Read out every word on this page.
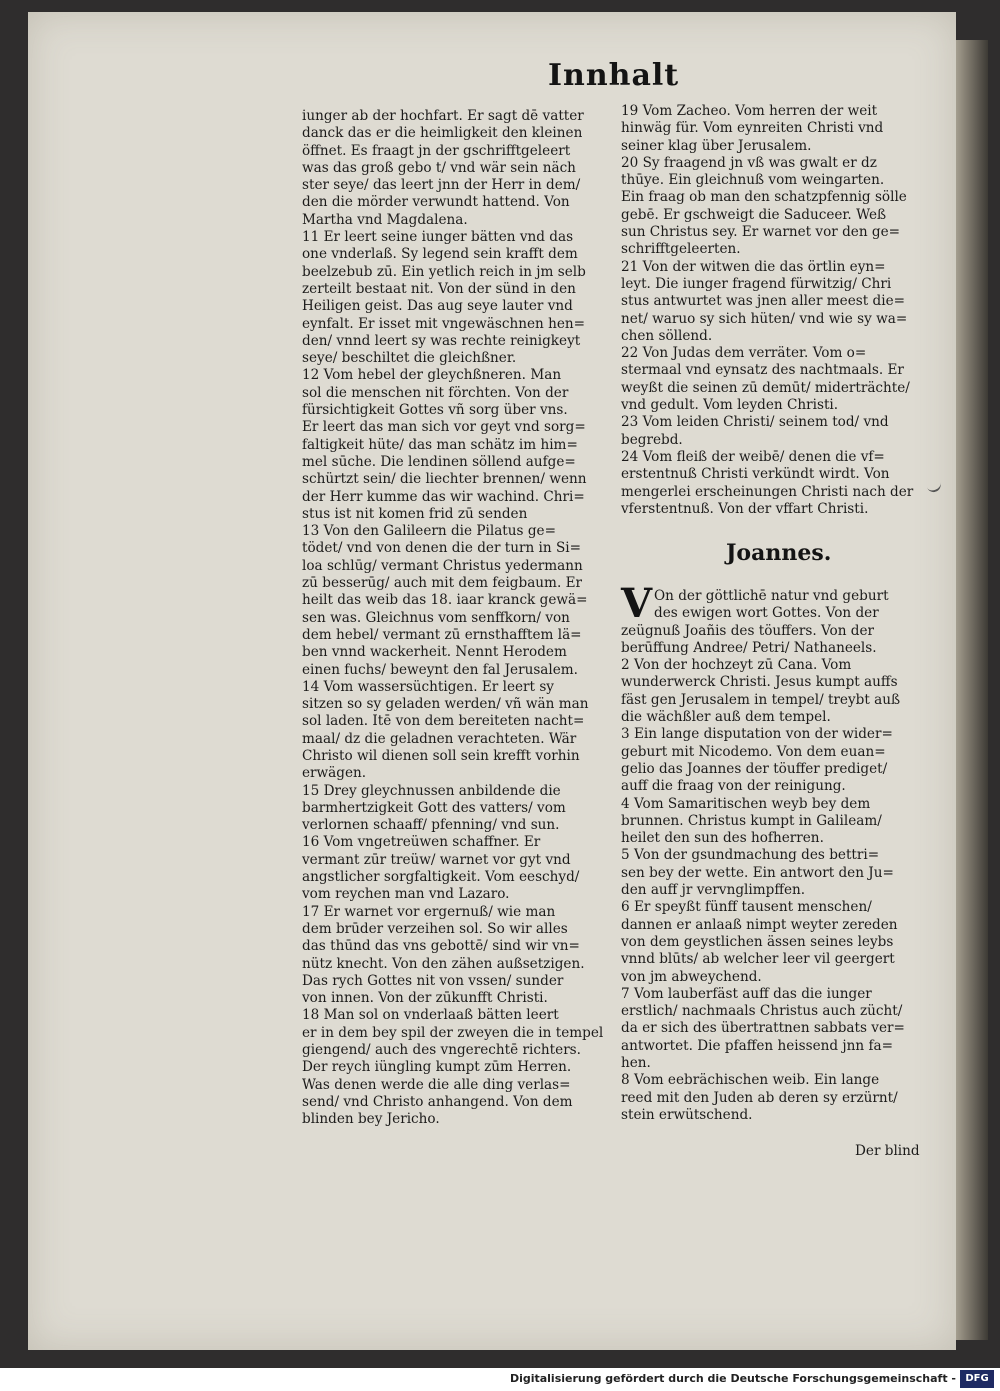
Innhalt
iunger ab der hochfart. Er sagt dē vatter
danck das er die heimligkeit den kleinen
öffnet. Es fraagt jn der gschrifftgeleert
was das groß gebo t/ vnd wär sein näch
ster seye/ das leert jnn der Herr in dem/
den die mörder verwundt hattend. Von
Martha vnd Magdalena.
11 Er leert seine iunger bätten vnd das
one vnderlaß. Sy legend sein krafft dem
beelzebub zū. Ein yetlich reich in jm selb
zerteilt bestaat nit. Von der sünd in den
Heiligen geist. Das aug seye lauter vnd
eynfalt. Er isset mit vngewäschnen hen=
den/ vnnd leert sy was rechte reinigkeyt
seye/ beschiltet die gleichßner.
12 Vom hebel der gleychßneren. Man
sol die menschen nit förchten. Von der
fürsichtigkeit Gottes vñ sorg über vns.
Er leert das man sich vor geyt vnd sorg=
faltigkeit hüte/ das man schätz im him=
mel sūche. Die lendinen söllend aufge=
schürtzt sein/ die liechter brennen/ wenn
der Herr kumme das wir wachind. Chri=
stus ist nit komen frid zū senden
13 Von den Galileern die Pilatus ge=
tödet/ vnd von denen die der turn in Si=
loa schlūg/ vermant Christus yedermann
zū besserūg/ auch mit dem feigbaum. Er
heilt das weib das 18. iaar kranck gewä=
sen was. Gleichnus vom senffkorn/ von
dem hebel/ vermant zū ernsthafftem lä=
ben vnnd wackerheit. Nennt Herodem
einen fuchs/ beweynt den fal Jerusalem.
14 Vom wassersüchtigen. Er leert sy
sitzen so sy geladen werden/ vñ wän man
sol laden. Itē von dem bereiteten nacht=
maal/ dz die geladnen verachteten. Wär
Christo wil dienen soll sein krefft vorhin
erwägen.
15 Drey gleychnussen anbildende die
barmhertzigkeit Gott des vatters/ vom
verlornen schaaff/ pfenning/ vnd sun.
16 Vom vngetreüwen schaffner. Er
vermant zūr treüw/ warnet vor gyt vnd
angstlicher sorgfaltigkeit. Vom eeschyd/
vom reychen man vnd Lazaro.
17 Er warnet vor ergernuß/ wie man
dem brūder verzeihen sol. So wir alles
das thūnd das vns gebottē/ sind wir vn=
nütz knecht. Von den zähen außsetzigen.
Das rych Gottes nit von vssen/ sunder
von innen. Von der zūkunfft Christi.
18 Man sol on vnderlaaß bätten leert
er in dem bey spil der zweyen die in tempel
giengend/ auch des vngerechtē richters.
Der reych iüngling kumpt zūm Herren.
Was denen werde die alle ding verlas=
send/ vnd Christo anhangend. Von dem
blinden bey Jericho.
19 Vom Zacheo. Vom herren der weit
hinwäg für. Vom eynreiten Christi vnd
seiner klag über Jerusalem.
20 Sy fraagend jn vß was gwalt er dz
thūye. Ein gleichnuß vom weingarten.
Ein fraag ob man den schatzpfennig sölle
gebē. Er gschweigt die Saduceer. Weß
sun Christus sey. Er warnet vor den ge=
schrifftgeleerten.
21 Von der witwen die das örtlin eyn=
leyt. Die iunger fragend fürwitzig/ Chri
stus antwurtet was jnen aller meest die=
net/ waruo sy sich hüten/ vnd wie sy wa=
chen söllend.
22 Von Judas dem verräter. Vom o=
stermaal vnd eynsatz des nachtmaals. Er
weyßt die seinen zū demūt/ miderträchte/
vnd gedult. Vom leyden Christi.
23 Vom leiden Christi/ seinem tod/ vnd
begrebd.
24 Vom fleiß der weibē/ denen die vf=
erstentnuß Christi verkündt wirdt. Von
mengerlei erscheinungen Christi nach der
vferstentnuß. Von der vffart Christi.
Joannes.
V On der göttlichē natur vnd geburt
des ewigen wort Gottes. Von der
zeügnuß Joañis des töuffers. Von der
berūffung Andree/ Petri/ Nathaneels.
2 Von der hochzeyt zū Cana. Vom
wunderwerck Christi. Jesus kumpt auffs
fäst gen Jerusalem in tempel/ treybt auß
die wächßler auß dem tempel.
3 Ein lange disputation von der wider=
geburt mit Nicodemo. Von dem euan=
gelio das Joannes der töuffer prediget/
auff die fraag von der reinigung.
4 Vom Samaritischen weyb bey dem
brunnen. Christus kumpt in Galileam/
heilet den sun des hofherren.
5 Von der gsundmachung des bettri=
sen bey der wette. Ein antwort den Ju=
den auff jr vervnglimpffen.
6 Er speyßt fünff tausent menschen/
dannen er anlaaß nimpt weyter zereden
von dem geystlichen ässen seines leybs
vnnd blūts/ ab welcher leer vil geergert
von jm abweychend.
7 Vom lauberfäst auff das die iunger
erstlich/ nachmaals Christus auch zücht/
da er sich des übertrattnen sabbats ver=
antwortet. Die pfaffen heissend jnn fa=
hen.
8 Vom eebrächischen weib. Ein lange
reed mit den Juden ab deren sy erzürnt/
stein erwütschend.
Der blind
Digitalisierung gefördert durch die Deutsche Forschungsgemeinschaft - DFG
